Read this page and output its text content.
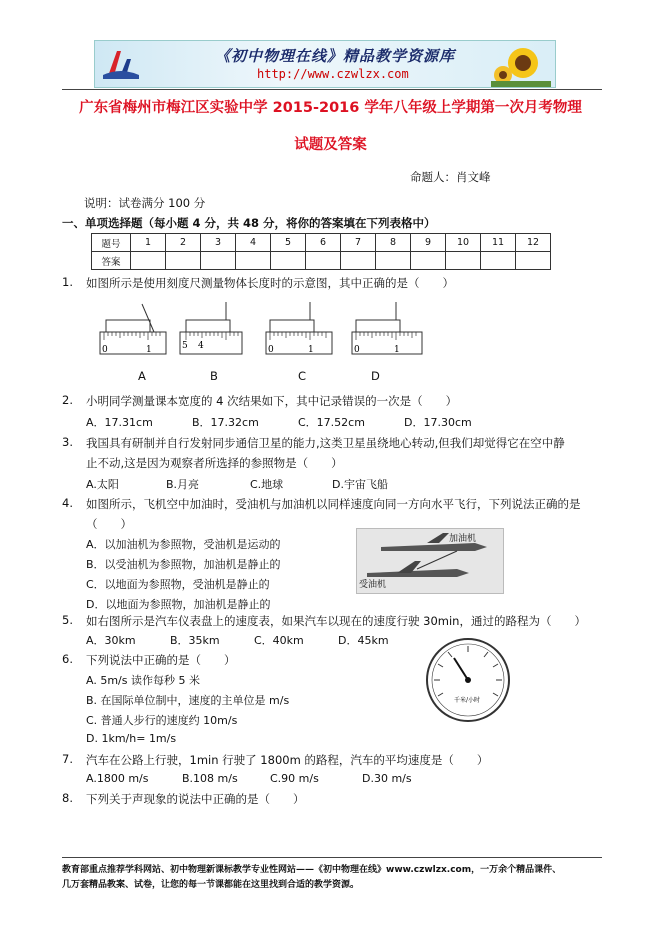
《初中物理在线》精品教学资源库
http://www.czwlzx.com
广东省梅州市梅江区实验中学 2015-2016 学年八年级上学期第一次月考物理
试题及答案
命题人：肖文峰
说明：试卷满分 100 分
一、单项选择题（每小题 4 分，共 48 分，将你的答案填在下列表格中）
题号	1	2	3	4	5	6	7	8	9	10	11	12
答案												
1. 如图所示是使用刻度尺测量物体长度时的示意图，其中正确的是（　　）
0	1	5 4	0	1	0	1
A	B	C	D
2. 小明同学测量课本宽度的 4 次结果如下，其中记录错误的一次是（　　）
A．17.31cm	B．17.32cm	C．17.52cm	D．17.30cm
3. 我国具有研制并自行发射同步通信卫星的能力,这类卫星虽绕地心转动,但我们却觉得它在空中静
止不动,这是因为观察者所选择的参照物是（　　）
A.太阳	B.月亮	C.地球	D.宇宙飞船
4. 如图所示，飞机空中加油时，受油机与加油机以同样速度向同一方向水平飞行，下列说法正确的是
（　　）
A．以加油机为参照物，受油机是运动的
B．以受油机为参照物，加油机是静止的
C．以地面为参照物，受油机是静止的
D．以地面为参照物，加油机是静止的
加油机
受油机
5. 如右图所示是汽车仪表盘上的速度表，如果汽车以现在的速度行驶 30min，通过的路程为（　　）
A．30km	B．35km	C．40km	D．45km
千米/小时
6. 下列说法中正确的是（　　）
A. 5m/s 读作每秒 5 米
B. 在国际单位制中，速度的主单位是 m/s
C. 普通人步行的速度约 10m/s
D. 1km/h= 1m/s
7. 汽车在公路上行驶，1min 行驶了 1800m 的路程，汽车的平均速度是（　　）
A.1800 m/s	B.108 m/s	C.90 m/s	D.30 m/s
8. 下列关于声现象的说法中正确的是（　　）
教育部重点推荐学科网站、初中物理新课标教学专业性网站——《初中物理在线》www.czwlzx.com，一万余个精品课件、
几万套精品教案、试卷，让您的每一节课都能在这里找到合适的教学资源。
